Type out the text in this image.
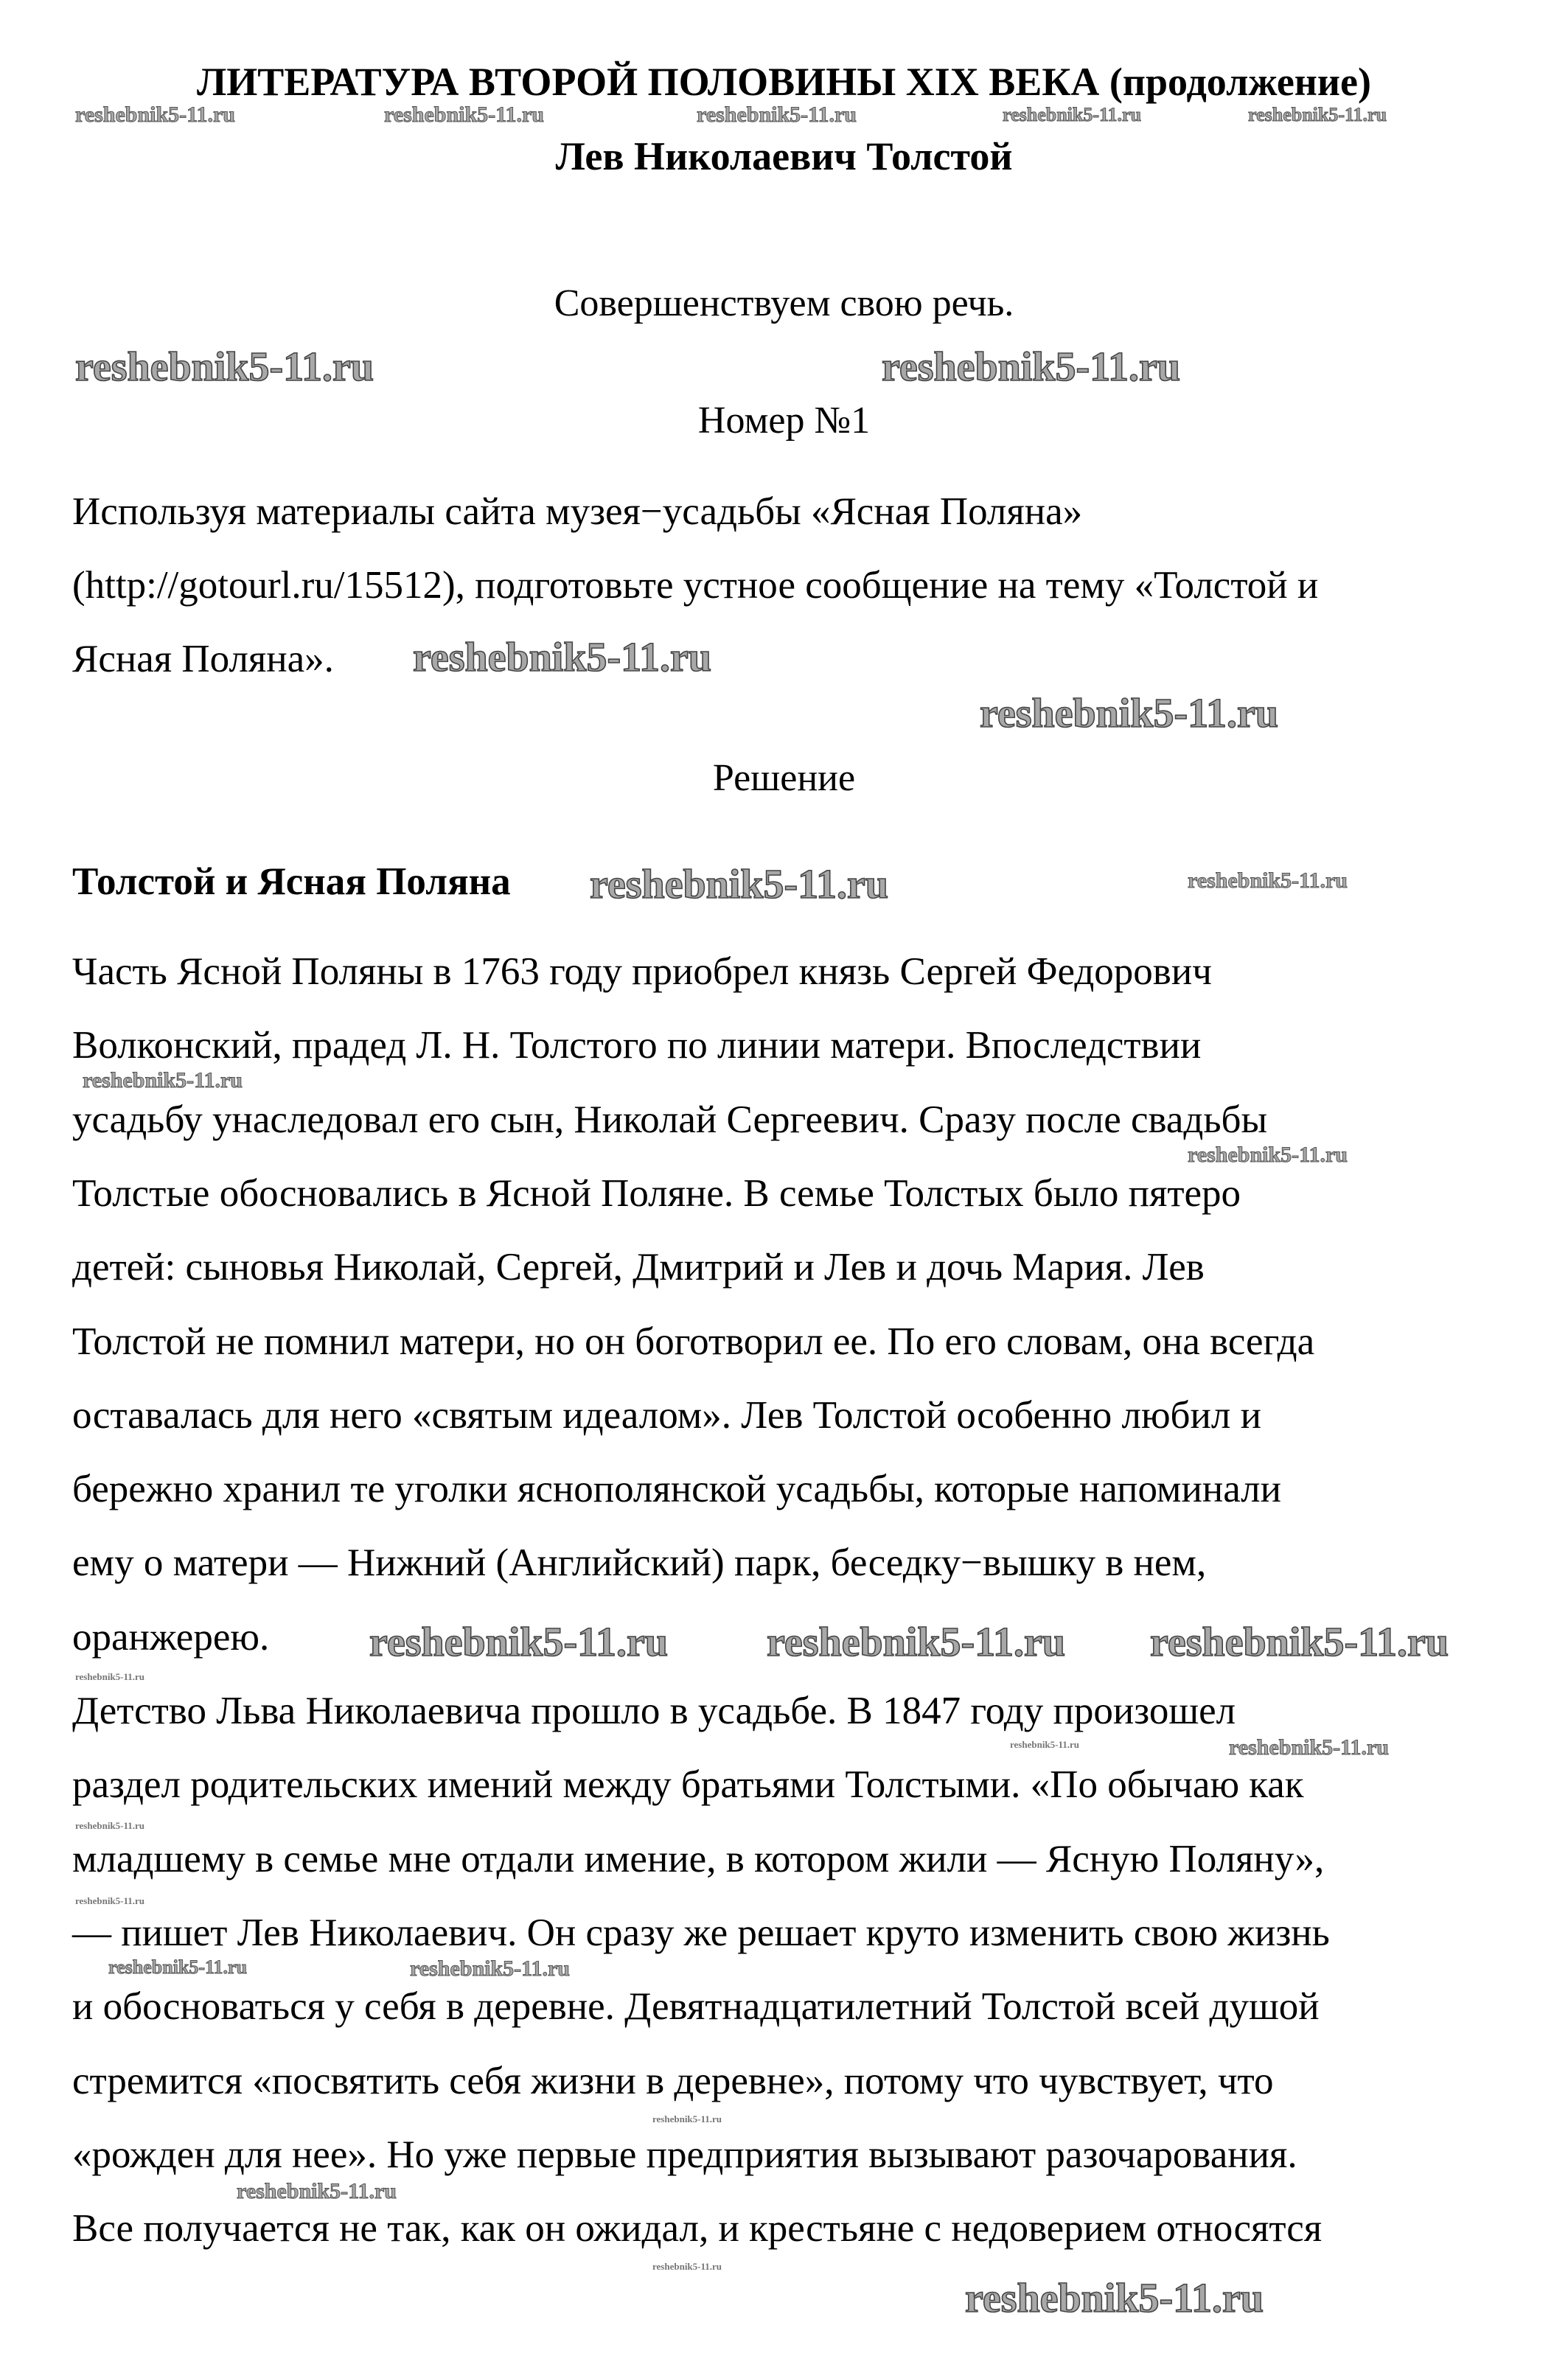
ЛИТЕРАТУРА ВТОРОЙ ПОЛОВИНЫ XIX ВЕКА (продолжение)
Лев Николаевич Толстой
Совершенствуем свою речь.
Номер №1
Используя материалы сайта музея−усадьбы «Ясная Поляна»
(http://gotourl.ru/15512), подготовьте устное сообщение на тему «Толстой и
Ясная Поляна».
Решение
Толстой и Ясная Поляна
Часть Ясной Поляны в 1763 году приобрел князь Сергей Федорович
Волконский, прадед Л. Н. Толстого по линии матери. Впоследствии
усадьбу унаследовал его сын, Николай Сергеевич. Сразу после свадьбы
Толстые обосновались в Ясной Поляне. В семье Толстых было пятеро
детей: сыновья Николай, Сергей, Дмитрий и Лев и дочь Мария. Лев
Толстой не помнил матери, но он боготворил ее. По его словам, она всегда
оставалась для него «святым идеалом». Лев Толстой особенно любил и
бережно хранил те уголки яснополянской усадьбы, которые напоминали
ему о матери — Нижний (Английский) парк, беседку−вышку в нем,
оранжерею.
Детство Льва Николаевича прошло в усадьбе. В 1847 году произошел
раздел родительских имений между братьями Толстыми. «По обычаю как
младшему в семье мне отдали имение, в котором жили — Ясную Поляну»,
— пишет Лев Николаевич. Он сразу же решает круто изменить свою жизнь
и обосноваться у себя в деревне. Девятнадцатилетний Толстой всей душой
стремится «посвятить себя жизни в деревне», потому что чувствует, что
«рожден для нее». Но уже первые предприятия вызывают разочарования.
Все получается не так, как он ожидал, и крестьяне с недоверием относятся
reshebnik5-11.ru	reshebnik5-11.ru	reshebnik5-11.ru	reshebnik5-11.ru	reshebnik5-11.ru
reshebnik5-11.ru	reshebnik5-11.ru
reshebnik5-11.ru
reshebnik5-11.ru
reshebnik5-11.ru	reshebnik5-11.ru
reshebnik5-11.ru
reshebnik5-11.ru
reshebnik5-11.ru reshebnik5-11.ru
reshebnik5-11.ru
reshebnik5-11.ru
reshebnik5-11.ru	reshebnik5-11.ru
reshebnik5-11.ru
reshebnik5-11.ru
reshebnik5-11.ru	reshebnik5-11.ru
reshebnik5-11.ru
reshebnik5-11.ru
reshebnik5-11.ru
reshebnik5-11.ru
